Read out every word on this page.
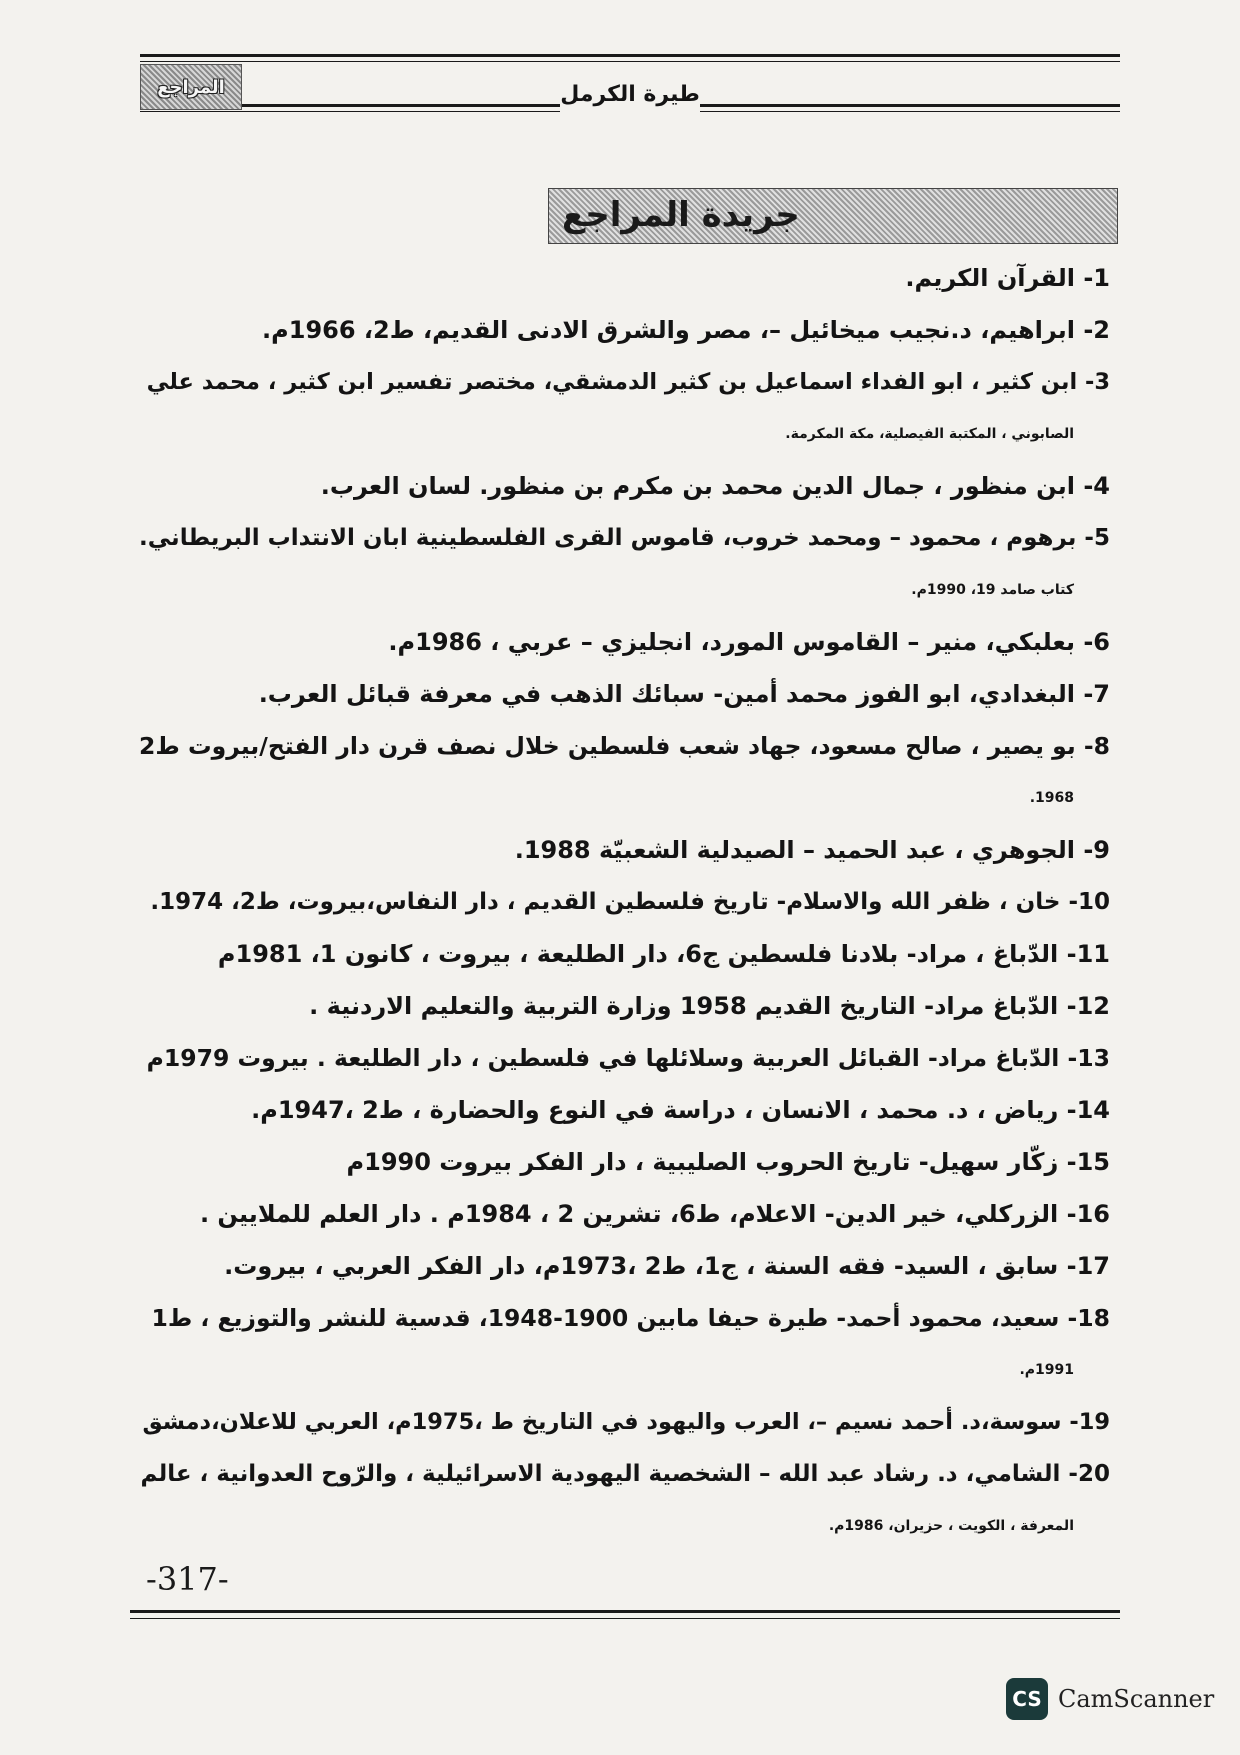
المراجع	طيرة الكرمل
جريدة المراجع

1- القرآن الكريم.

2- ابراهيم، د.نجيب ميخائيل –، مصر والشرق الادنى القديم، ط2، 1966م.

3- ابن كثير ، ابو الفداء اسماعيل بن كثير الدمشقي، مختصر تفسير ابن كثير ، محمد علي
الصابوني ، المكتبة الفيصلية، مكة المكرمة.

4- ابن منظور ، جمال الدين محمد بن مكرم بن منظور. لسان العرب.

5- برهوم ، محمود – ومحمد خروب، قاموس القرى الفلسطينية ابان الانتداب البريطاني.
كتاب صامد 19، 1990م.

6- بعلبكي، منير – القاموس المورد، انجليزي – عربي ، 1986م.

7- البغدادي، ابو الفوز محمد أمين- سبائك الذهب في معرفة قبائل العرب.

8- بو يصير ، صالح مسعود، جهاد شعب فلسطين خلال نصف قرن دار الفتح/بيروت ط2
1968.

9- الجوهري ، عبد الحميد – الصيدلية الشعبيّة 1988.

10- خان ، ظفر الله والاسلام- تاريخ فلسطين القديم ، دار النفاس،بيروت، ط2، 1974.

11- الدّباغ ، مراد- بلادنا فلسطين ج6، دار الطليعة ، بيروت ، كانون 1، 1981م

12- الدّباغ مراد- التاريخ القديم 1958 وزارة التربية والتعليم الاردنية .

13- الدّباغ مراد- القبائل العربية وسلائلها في فلسطين ، دار الطليعة . بيروت 1979م

14- رياض ، د. محمد ، الانسان ، دراسة في النوع والحضارة ، ط2 ،1947م.

15- زكّار سهيل- تاريخ الحروب الصليبية ، دار الفكر بيروت 1990م

16- الزركلي، خير الدين- الاعلام، ط6، تشرين 2 ، 1984م . دار العلم للملايين .

17- سابق ، السيد- فقه السنة ، ج1، ط2 ،1973م، دار الفكر العربي ، بيروت.

18- سعيد، محمود أحمد- طيرة حيفا مابين 1900-1948، قدسية للنشر والتوزيع ، ط1
1991م.

19- سوسة،د. أحمد نسيم –، العرب واليهود في التاريخ ط ،1975م، العربي للاعلان،دمشق

20- الشامي، د. رشاد عبد الله – الشخصية اليهودية الاسرائيلية ، والرّوح العدوانية ، عالم
المعرفة ، الكويت ، حزيران، 1986م.

-317-
CS CamScanner
